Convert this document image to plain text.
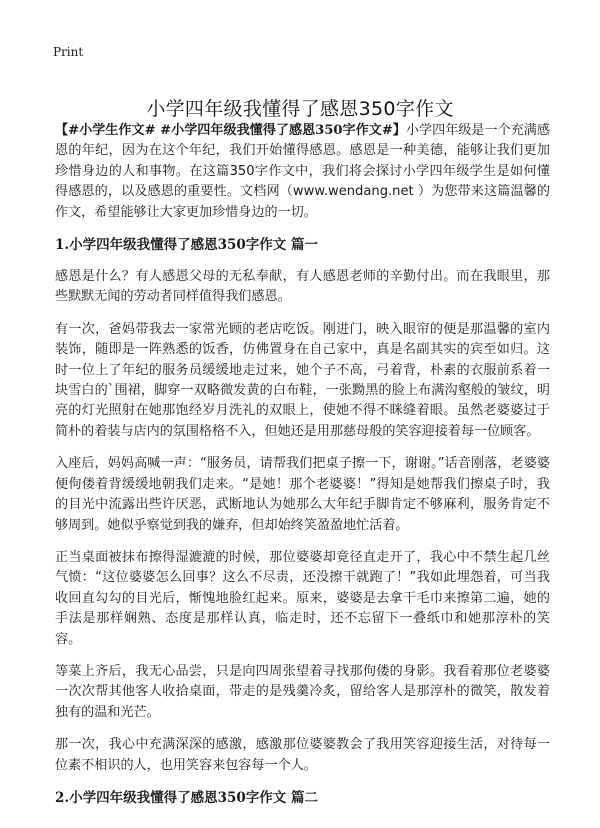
Print
小学四年级我懂得了感恩350字作文

【#小学生作文# #小学四年级我懂得了感恩350字作文#】小学四年级是一个充满感恩的年纪，因为在这个年纪，我们开始懂得感恩。感恩是一种美德，能够让我们更加珍惜身边的人和事物。在这篇350字作文中，我们将会探讨小学四年级学生是如何懂得感恩的，以及感恩的重要性。文档网（www.wendang.net ）为您带来这篇温馨的作文，希望能够让大家更加珍惜身边的一切。

1.小学四年级我懂得了感恩350字作文 篇一

感恩是什么？有人感恩父母的无私奉献，有人感恩老师的辛勤付出。而在我眼里，那些默默无闻的劳动者同样值得我们感恩。

有一次，爸妈带我去一家常光顾的老店吃饭。刚进门，映入眼帘的便是那温馨的室内装饰，随即是一阵熟悉的饭香，仿佛置身在自己家中，真是名副其实的宾至如归。这时一位上了年纪的服务员缓缓地走过来，她个子不高，弓着背，朴素的衣服前系着一块雪白的`围裙，脚穿一双略微发黄的白布鞋，一张黝黑的脸上布满沟壑般的皱纹，明亮的灯光照射在她那饱经岁月洗礼的双眼上，使她不得不眯缝着眼。虽然老婆婆过于简朴的着装与店内的氛围格格不入，但她还是用那慈母般的笑容迎接着每一位顾客。

入座后，妈妈高喊一声：“服务员，请帮我们把桌子擦一下，谢谢。”话音刚落，老婆婆便佝偻着背缓缓地朝我们走来。“是她！那个老婆婆！”得知是她帮我们擦桌子时，我的目光中流露出些许厌恶，武断地认为她那么大年纪手脚肯定不够麻利，服务肯定不够周到。她似乎察觉到我的嫌弃，但却始终笑盈盈地忙活着。

正当桌面被抹布擦得湿漉漉的时候，那位婆婆却竟径直走开了，我心中不禁生起几丝气愤：“这位婆婆怎么回事？这么不尽责，还没擦干就跑了！”我如此埋怨着，可当我收回直勾勾的目光后，惭愧地脸红起来。原来，婆婆是去拿干毛巾来擦第二遍，她的手法是那样娴熟、态度是那样认真，临走时，还不忘留下一叠纸巾和她那淳朴的笑容。

等菜上齐后，我无心品尝，只是向四周张望着寻找那佝偻的身影。我看着那位老婆婆一次次帮其他客人收拾桌面，带走的是残羹冷炙，留给客人是那淳朴的微笑，散发着独有的温和光芒。

那一次，我心中充满深深的感激，感激那位婆婆教会了我用笑容迎接生活，对待每一位素不相识的人，也用笑容来包容每一个人。

2.小学四年级我懂得了感恩350字作文 篇二
